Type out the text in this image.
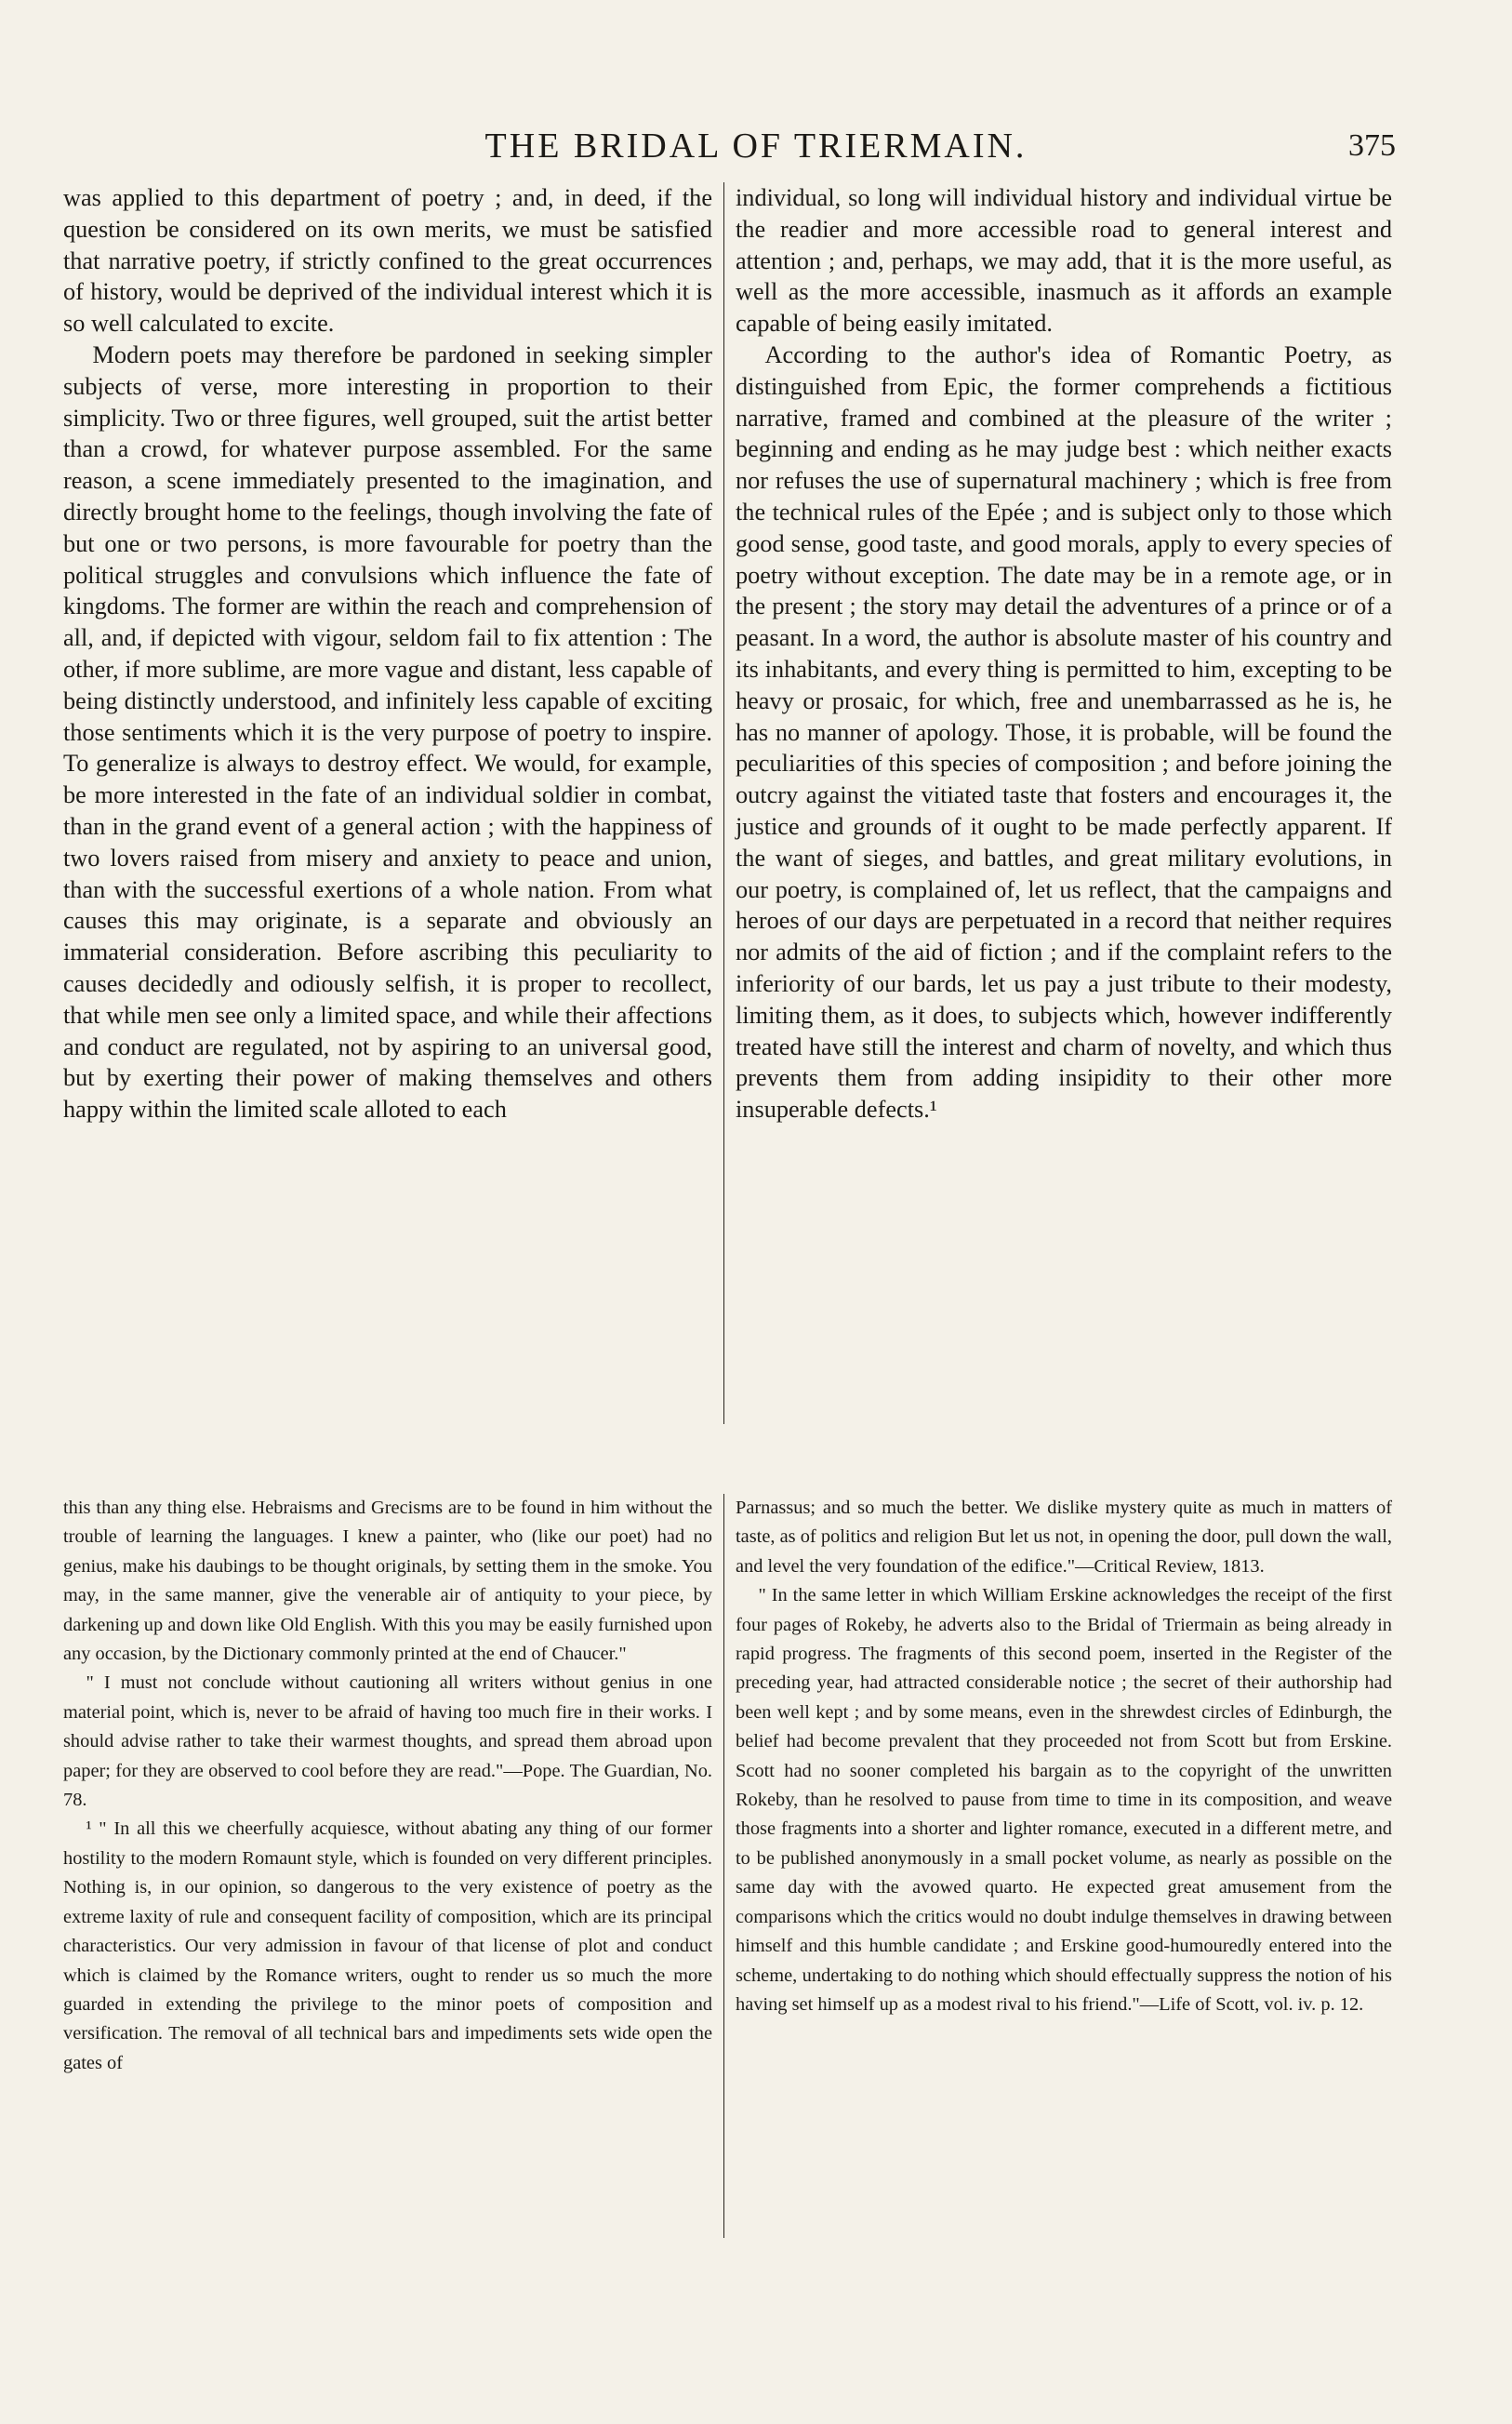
THE BRIDAL OF TRIERMAIN.	375

was applied to this department of poetry ; and, in deed, if the question be considered on its own merits, we must be satisfied that narrative poetry, if strictly confined to the great occurrences of history, would be deprived of the individual interest which it is so well calculated to excite.

Modern poets may therefore be pardoned in seeking simpler subjects of verse, more interesting in proportion to their simplicity. Two or three figures, well grouped, suit the artist better than a crowd, for whatever purpose assembled. For the same reason, a scene immediately presented to the imagination, and directly brought home to the feelings, though involving the fate of but one or two persons, is more favourable for poetry than the political struggles and convulsions which influence the fate of kingdoms. The former are within the reach and comprehension of all, and, if depicted with vigour, seldom fail to fix attention : The other, if more sublime, are more vague and distant, less capable of being distinctly understood, and infinitely less capable of exciting those sentiments which it is the very purpose of poetry to inspire. To generalize is always to destroy effect. We would, for example, be more interested in the fate of an individual soldier in combat, than in the grand event of a general action ; with the happiness of two lovers raised from misery and anxiety to peace and union, than with the successful exertions of a whole nation. From what causes this may originate, is a separate and obviously an immaterial consideration. Before ascribing this peculiarity to causes decidedly and odiously selfish, it is proper to recollect, that while men see only a limited space, and while their affections and conduct are regulated, not by aspiring to an universal good, but by exerting their power of making themselves and others happy within the limited scale alloted to each

individual, so long will individual history and individual virtue be the readier and more accessible road to general interest and attention ; and, perhaps, we may add, that it is the more useful, as well as the more accessible, inasmuch as it affords an example capable of being easily imitated.

According to the author's idea of Romantic Poetry, as distinguished from Epic, the former comprehends a fictitious narrative, framed and combined at the pleasure of the writer ; beginning and ending as he may judge best : which neither exacts nor refuses the use of supernatural machinery ; which is free from the technical rules of the Epée ; and is subject only to those which good sense, good taste, and good morals, apply to every species of poetry without exception. The date may be in a remote age, or in the present ; the story may detail the adventures of a prince or of a peasant. In a word, the author is absolute master of his country and its inhabitants, and every thing is permitted to him, excepting to be heavy or prosaic, for which, free and unembarrassed as he is, he has no manner of apology. Those, it is probable, will be found the peculiarities of this species of composition ; and before joining the outcry against the vitiated taste that fosters and encourages it, the justice and grounds of it ought to be made perfectly apparent. If the want of sieges, and battles, and great military evolutions, in our poetry, is complained of, let us reflect, that the campaigns and heroes of our days are perpetuated in a record that neither requires nor admits of the aid of fiction ; and if the complaint refers to the inferiority of our bards, let us pay a just tribute to their modesty, limiting them, as it does, to subjects which, however indifferently treated have still the interest and charm of novelty, and which thus prevents them from adding insipidity to their other more insuperable defects.¹

this than any thing else. Hebraisms and Grecisms are to be found in him without the trouble of learning the languages. I knew a painter, who (like our poet) had no genius, make his daubings to be thought originals, by setting them in the smoke. You may, in the same manner, give the venerable air of antiquity to your piece, by darkening up and down like Old English. With this you may be easily furnished upon any occasion, by the Dictionary commonly printed at the end of Chaucer."

" I must not conclude without cautioning all writers without genius in one material point, which is, never to be afraid of having too much fire in their works. I should advise rather to take their warmest thoughts, and spread them abroad upon paper; for they are observed to cool before they are read."—Pope. The Guardian, No. 78.

¹ " In all this we cheerfully acquiesce, without abating any thing of our former hostility to the modern Romaunt style, which is founded on very different principles. Nothing is, in our opinion, so dangerous to the very existence of poetry as the extreme laxity of rule and consequent facility of composition, which are its principal characteristics. Our very admission in favour of that license of plot and conduct which is claimed by the Romance writers, ought to render us so much the more guarded in extending the privilege to the minor poets of composition and versification. The removal of all technical bars and impediments sets wide open the gates of

Parnassus; and so much the better. We dislike mystery quite as much in matters of taste, as of politics and religion But let us not, in opening the door, pull down the wall, and level the very foundation of the edifice."—Critical Review, 1813.

" In the same letter in which William Erskine acknowledges the receipt of the first four pages of Rokeby, he adverts also to the Bridal of Triermain as being already in rapid progress. The fragments of this second poem, inserted in the Register of the preceding year, had attracted considerable notice ; the secret of their authorship had been well kept ; and by some means, even in the shrewdest circles of Edinburgh, the belief had become prevalent that they proceeded not from Scott but from Erskine. Scott had no sooner completed his bargain as to the copyright of the unwritten Rokeby, than he resolved to pause from time to time in its composition, and weave those fragments into a shorter and lighter romance, executed in a different metre, and to be published anonymously in a small pocket volume, as nearly as possible on the same day with the avowed quarto. He expected great amusement from the comparisons which the critics would no doubt indulge themselves in drawing between himself and this humble candidate ; and Erskine good-humouredly entered into the scheme, undertaking to do nothing which should effectually suppress the notion of his having set himself up as a modest rival to his friend."—Life of Scott, vol. iv. p. 12.
